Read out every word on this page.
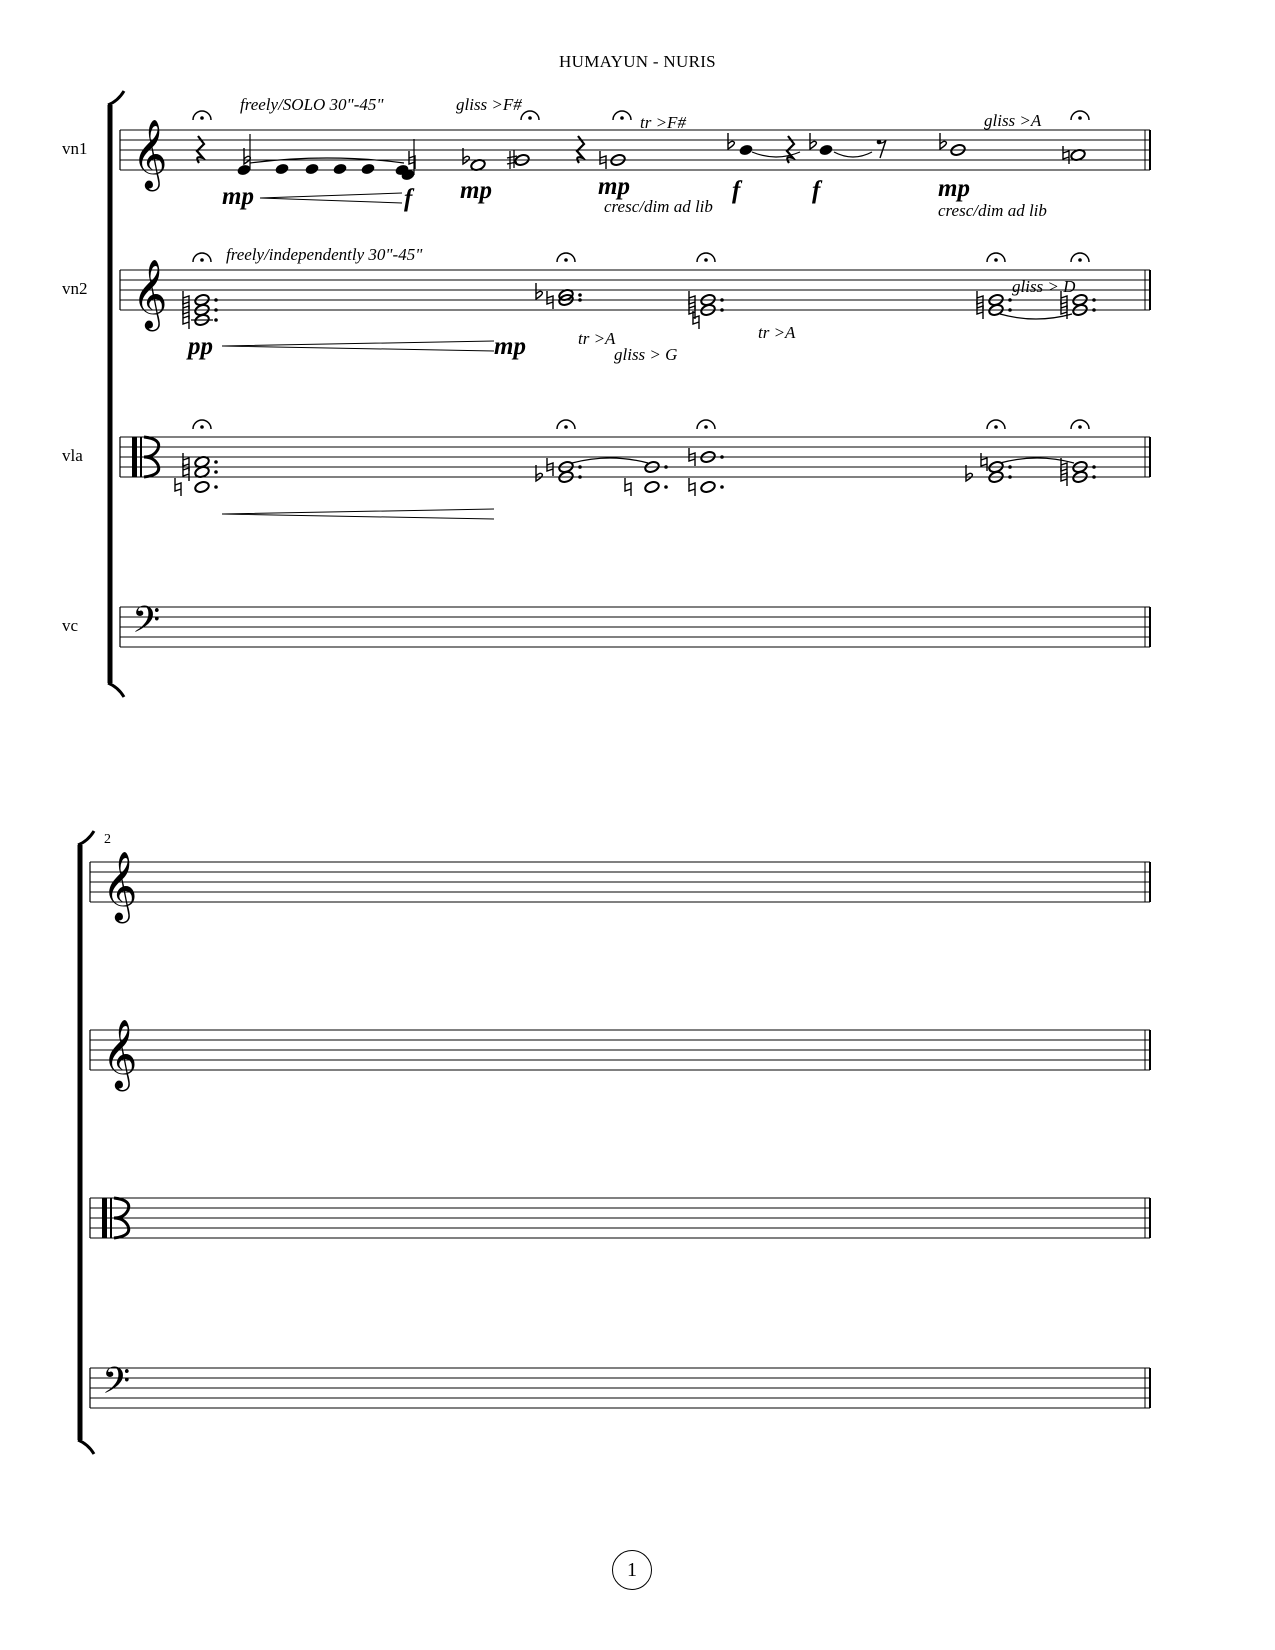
HUMAYUN - NURIS
𝄞
𝄞
𝄢
𝄞
𝄞
𝄢
vn1
vn2
vla
vc
2
freely/SOLO 30"-45"	gliss >F#
tr >F#	gliss >A
cresc/dim ad lib	cresc/dim ad lib
mp	f mp	mp	f	f	mp
freely/independently 30"-45"
tr >A
gliss > G
tr >A
gliss > D
pp	mp
1
